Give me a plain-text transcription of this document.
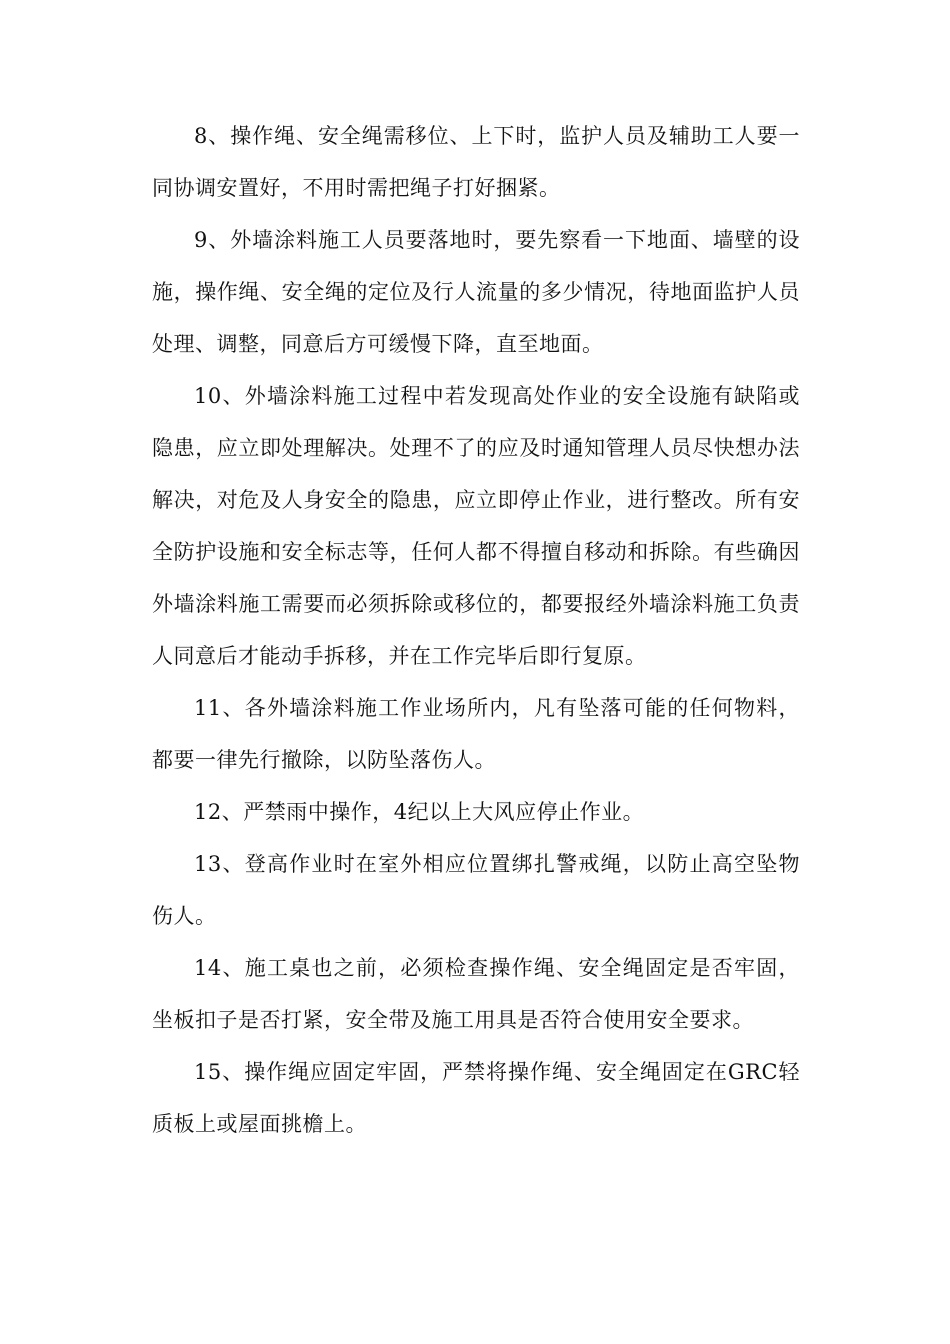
8、操作绳、安全绳需移位、上下时，监护人员及辅助工人要一同协调安置好，不用时需把绳子打好捆紧。

9、外墙涂料施工人员要落地时，要先察看一下地面、墙壁的设施，操作绳、安全绳的定位及行人流量的多少情况，待地面监护人员处理、调整，同意后方可缓慢下降，直至地面。

10、外墙涂料施工过程中若发现高处作业的安全设施有缺陷或隐患，应立即处理解决。处理不了的应及时通知管理人员尽快想办法解决，对危及人身安全的隐患，应立即停止作业，进行整改。所有安全防护设施和安全标志等，任何人都不得擅自移动和拆除。有些确因外墙涂料施工需要而必须拆除或移位的，都要报经外墙涂料施工负责人同意后才能动手拆移，并在工作完毕后即行复原。

11、各外墙涂料施工作业场所内，凡有坠落可能的任何物料，都要一律先行撤除，以防坠落伤人。

12、严禁雨中操作，4纪以上大风应停止作业。

13、登高作业时在室外相应位置绑扎警戒绳，以防止高空坠物伤人。

14、施工桌也之前，必须检查操作绳、安全绳固定是否牢固，坐板扣子是否打紧，安全带及施工用具是否符合使用安全要求。

15、操作绳应固定牢固，严禁将操作绳、安全绳固定在GRC轻质板上或屋面挑檐上。
